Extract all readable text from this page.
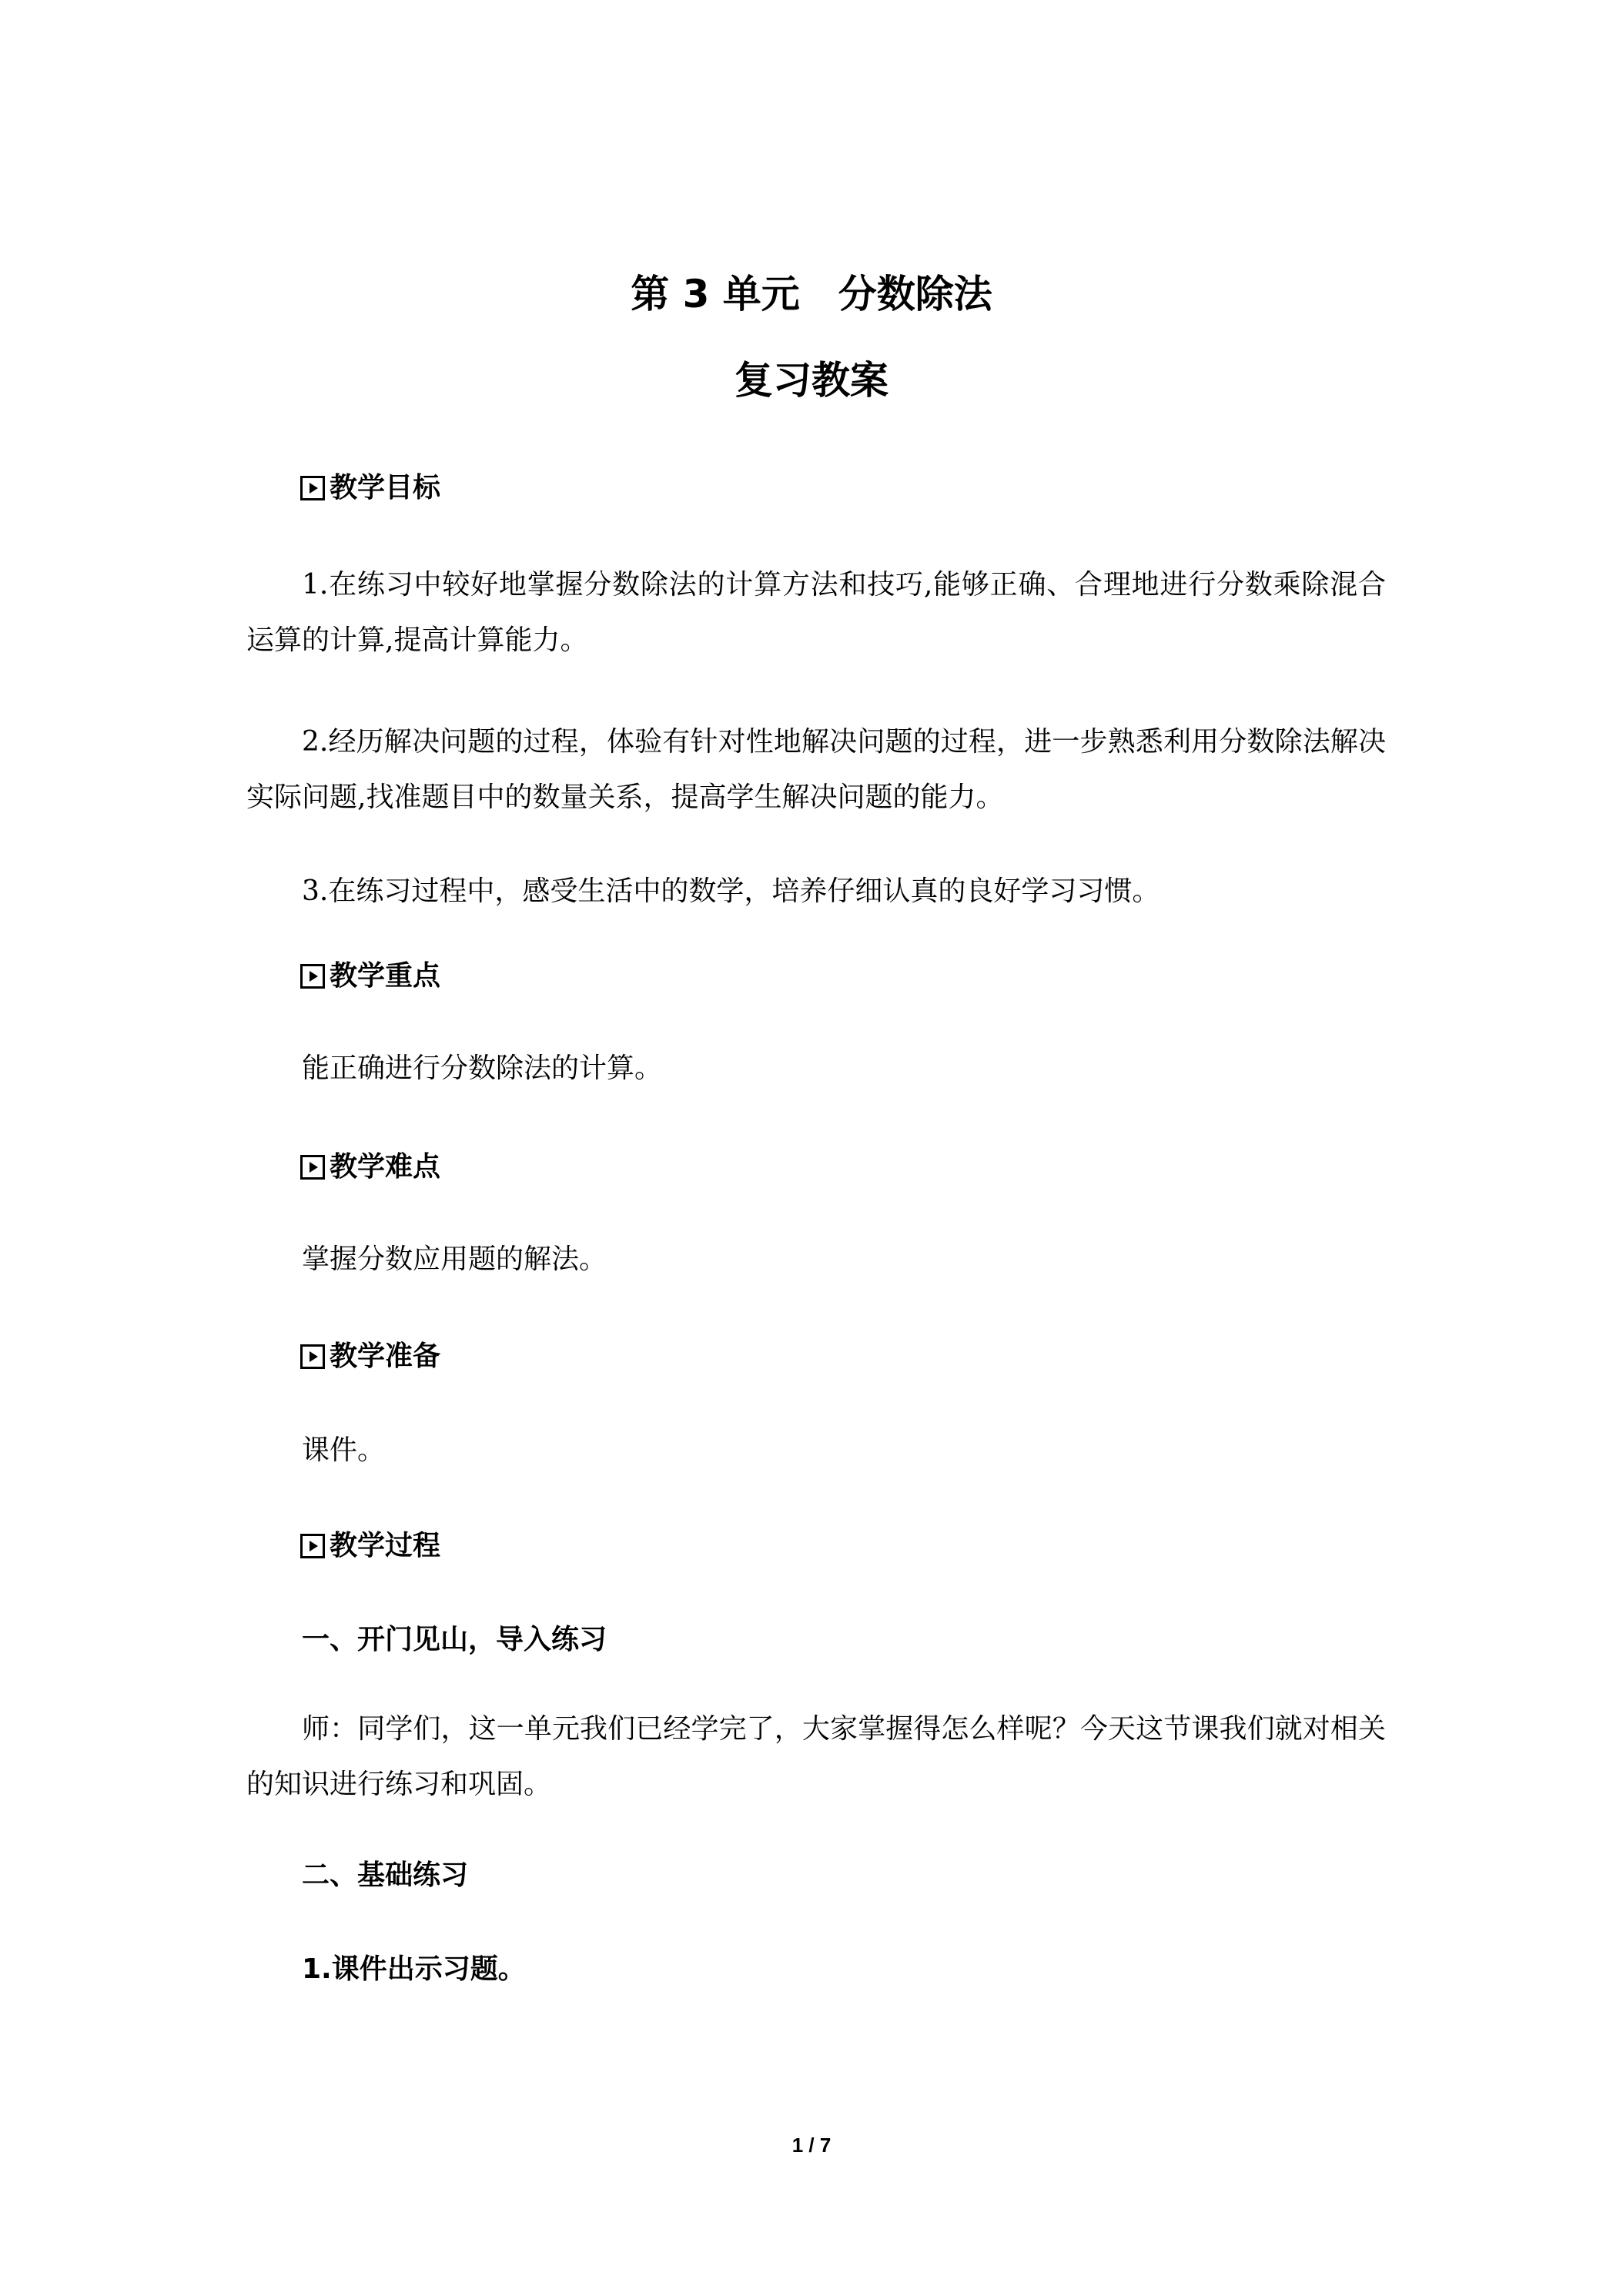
第 3 单元 分数除法
复习教案
教学目标

1.在练习中较好地掌握分数除法的计算方法和技巧,能够正确、合理地进行分数乘除混合运算的计算,提高计算能力。

2.经历解决问题的过程，体验有针对性地解决问题的过程，进一步熟悉利用分数除法解决实际问题,找准题目中的数量关系，提高学生解决问题的能力。

3.在练习过程中，感受生活中的数学，培养仔细认真的良好学习习惯。

教学重点

能正确进行分数除法的计算。

教学难点

掌握分数应用题的解法。

教学准备

课件。

教学过程

一、开门见山，导入练习

师：同学们，这一单元我们已经学完了，大家掌握得怎么样呢？今天这节课我们就对相关的知识进行练习和巩固。

二、基础练习

1.课件出示习题。

1 / 7
